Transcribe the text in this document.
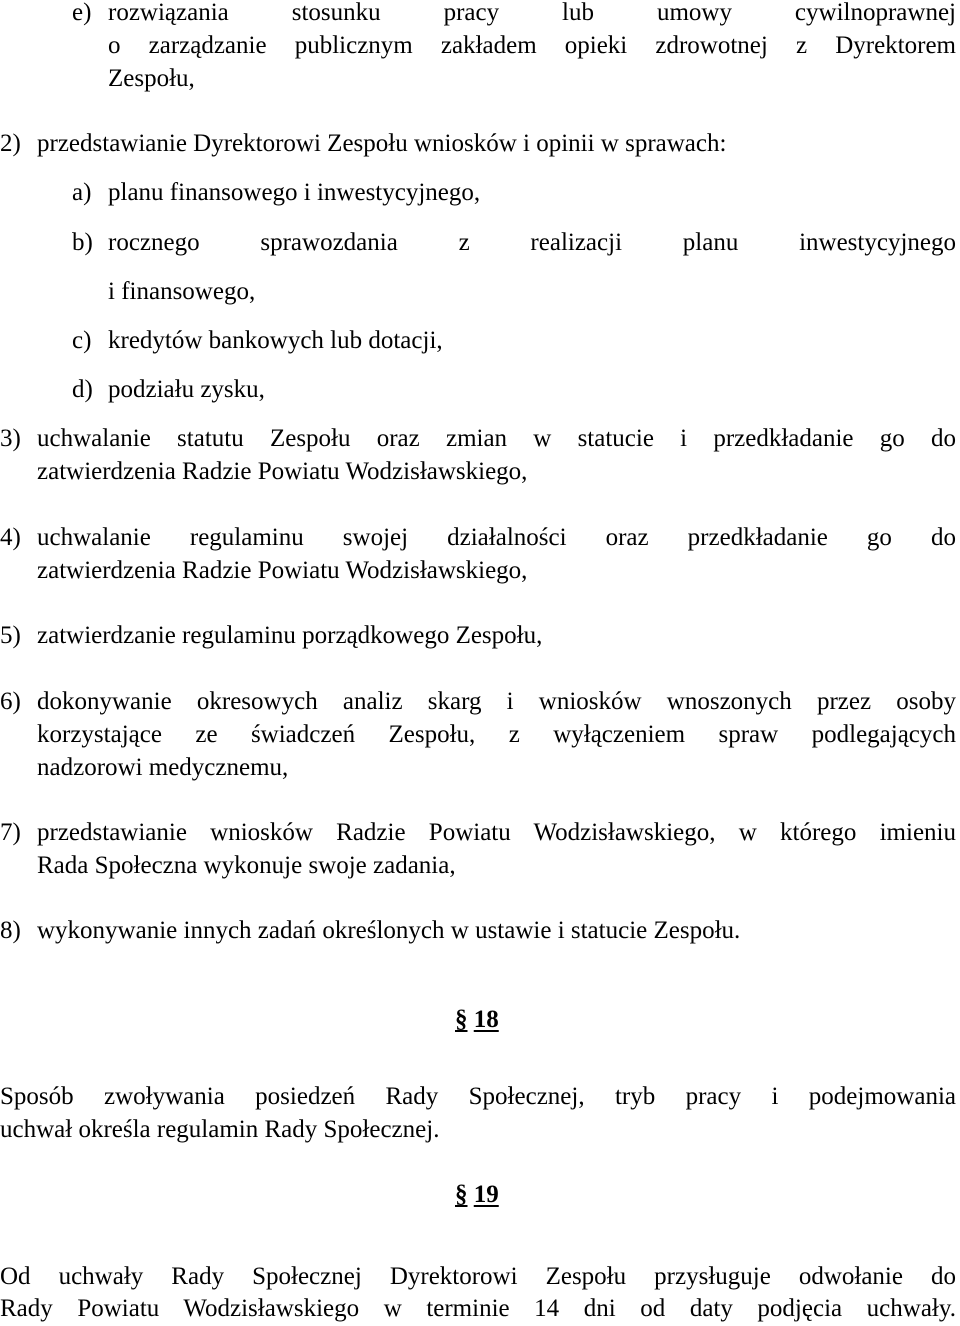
e) rozwiązania stosunku pracy lub umowy cywilnoprawnej
o zarządzanie publicznym zakładem opieki zdrowotnej z Dyrektorem
Zespołu,
2) przedstawianie Dyrektorowi Zespołu wniosków i opinii w sprawach:
a) planu finansowego i inwestycyjnego,
b) rocznego sprawozdania z realizacji planu inwestycyjnego
i finansowego,
c) kredytów bankowych lub dotacji,
d) podziału zysku,
3) uchwalanie statutu Zespołu oraz zmian w statucie i przedkładanie go do
zatwierdzenia Radzie Powiatu Wodzisławskiego,
4) uchwalanie regulaminu swojej działalności oraz przedkładanie go do
zatwierdzenia Radzie Powiatu Wodzisławskiego,
5) zatwierdzanie regulaminu porządkowego Zespołu,
6) dokonywanie okresowych analiz skarg i wniosków wnoszonych przez osoby
korzystające ze świadczeń Zespołu, z wyłączeniem spraw podlegających
nadzorowi medycznemu,
7) przedstawianie wniosków Radzie Powiatu Wodzisławskiego, w którego imieniu
Rada Społeczna wykonuje swoje zadania,
8) wykonywanie innych zadań określonych w ustawie i statucie Zespołu.
§ 18
Sposób zwoływania posiedzeń Rady Społecznej, tryb pracy i podejmowania
uchwał określa regulamin Rady Społecznej.
§ 19
Od uchwały Rady Społecznej Dyrektorowi Zespołu przysługuje odwołanie do
Rady Powiatu Wodzisławskiego w terminie 14 dni od daty podjęcia uchwały.
